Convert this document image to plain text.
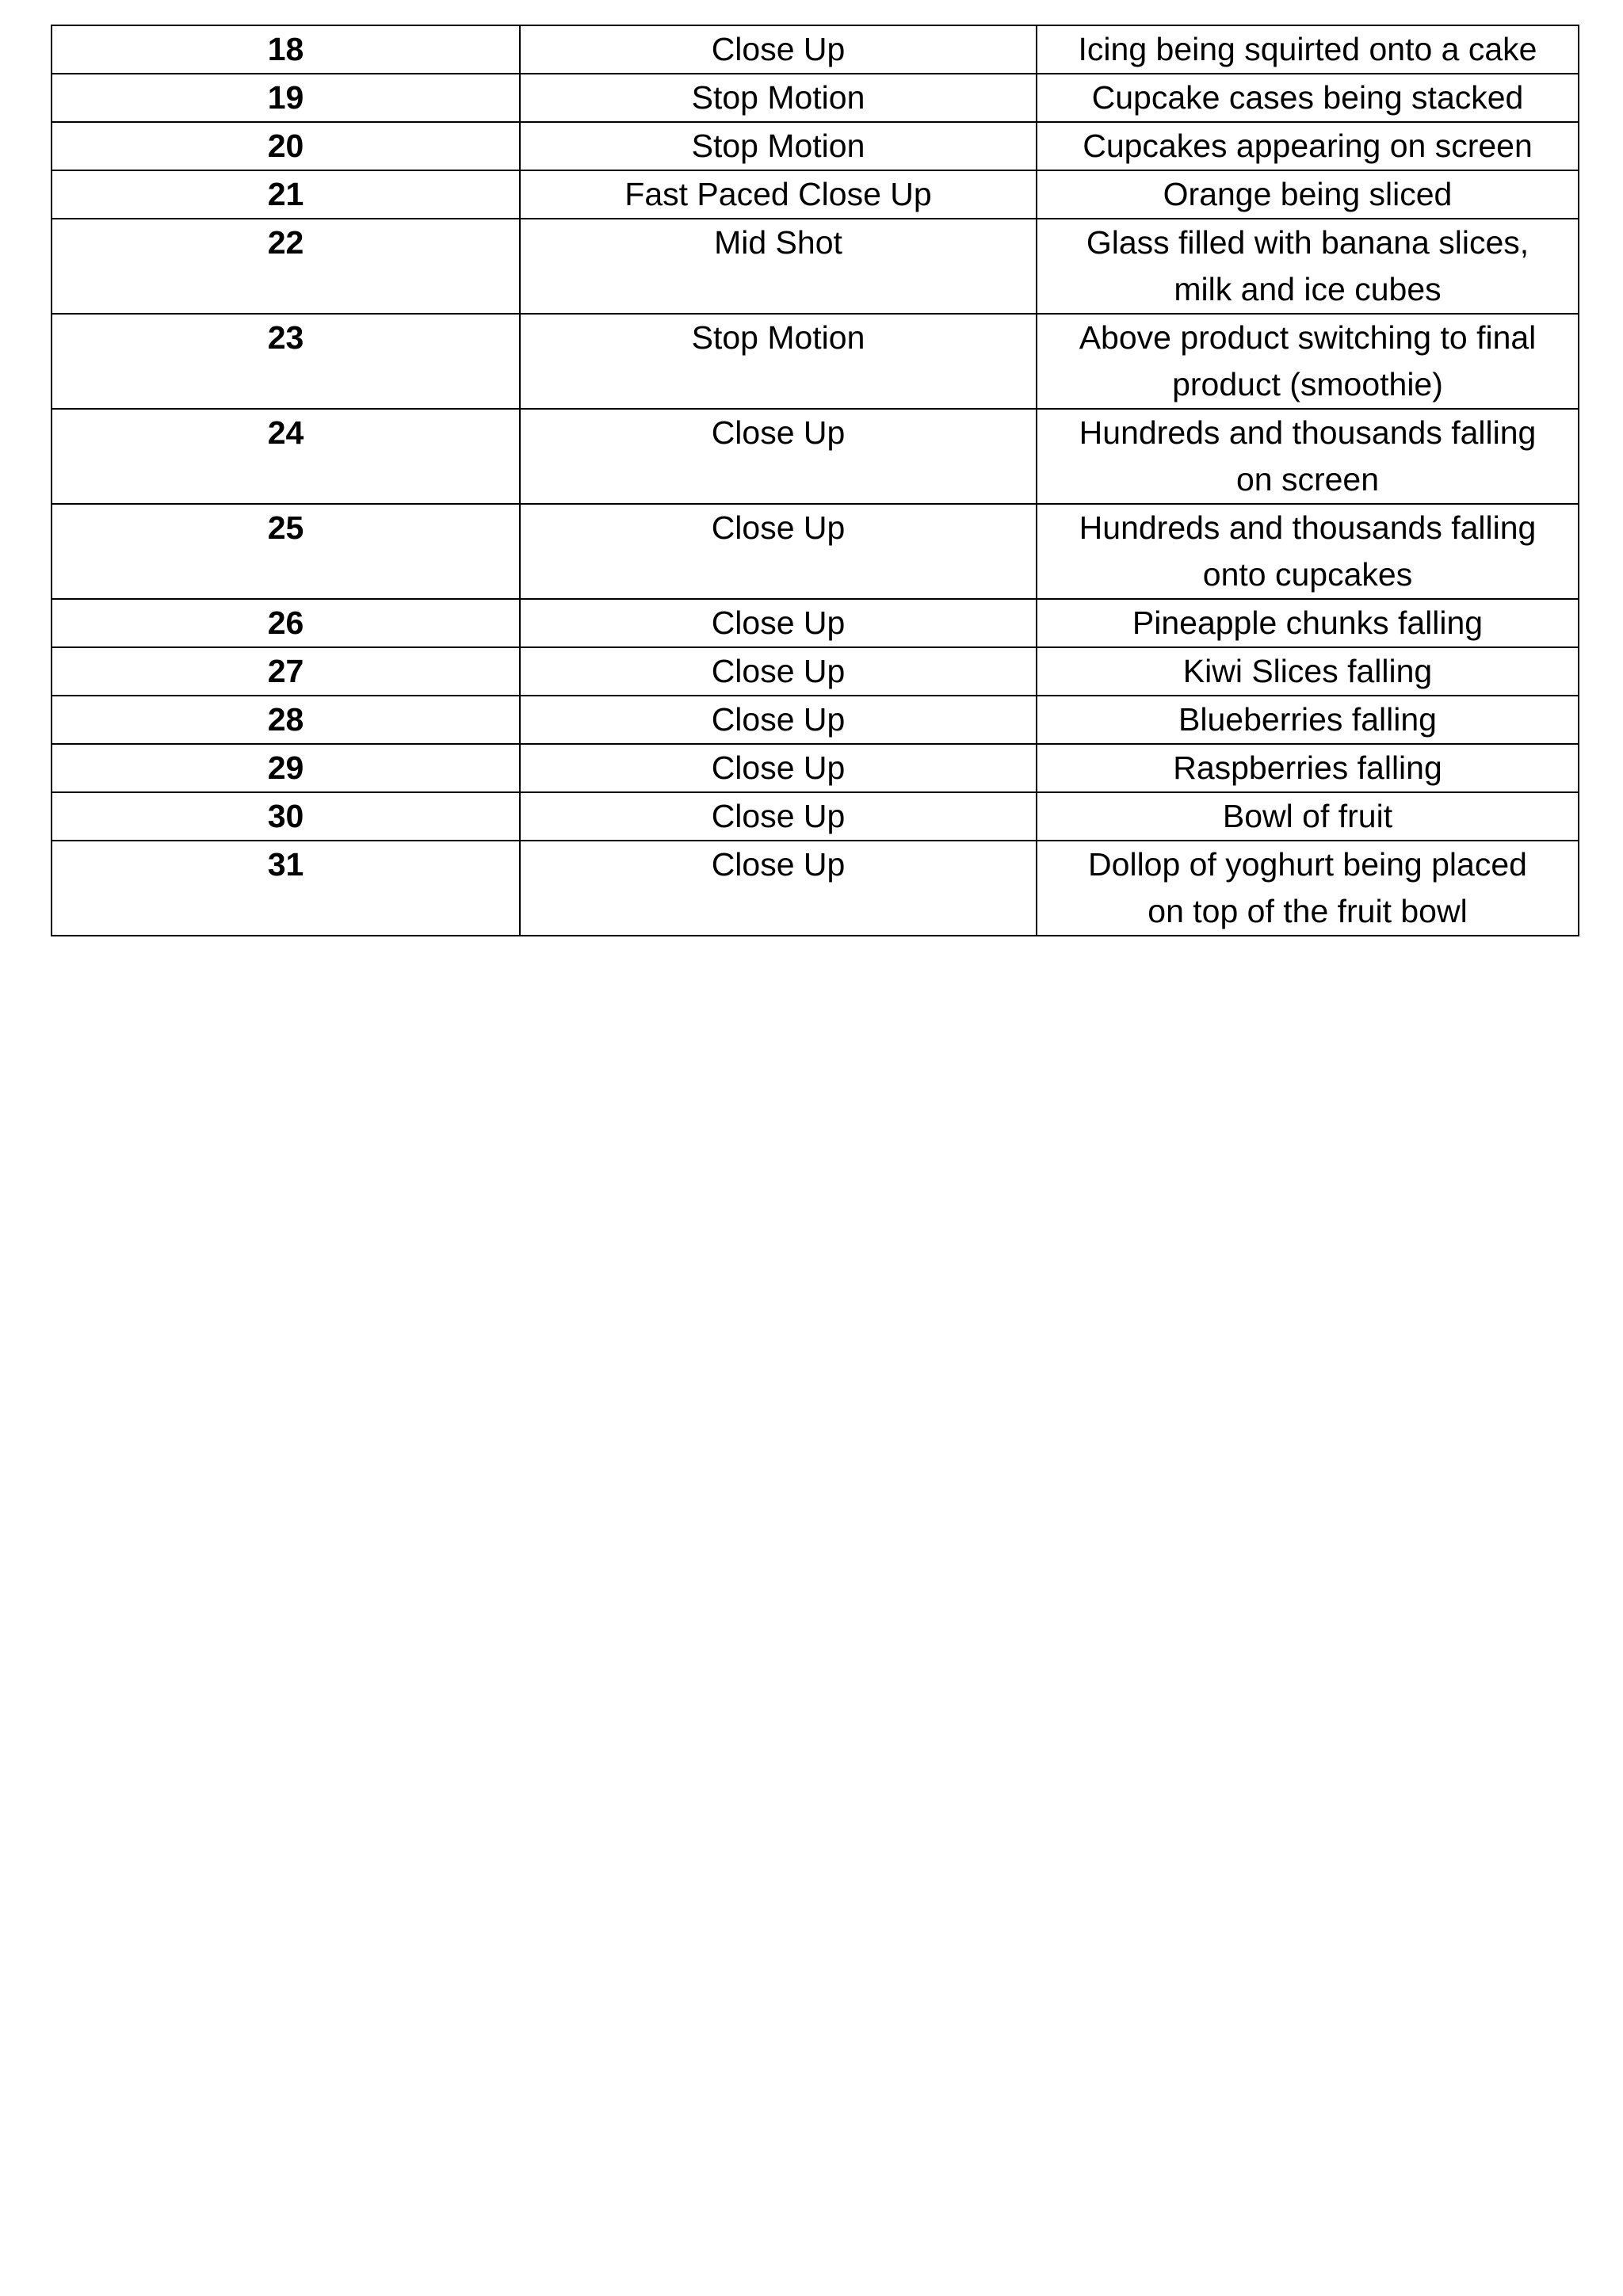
18	Close Up	Icing being squirted onto a cake

19	Stop Motion	Cupcake cases being stacked

20	Stop Motion	Cupcakes appearing on screen

21	Fast Paced Close Up	Orange being sliced

22	Mid Shot	Glass filled with banana slices,
milk and ice cubes

23	Stop Motion	Above product switching to final
product (smoothie)

24	Close Up	Hundreds and thousands falling
on screen

25	Close Up	Hundreds and thousands falling
onto cupcakes

26	Close Up	Pineapple chunks falling

27	Close Up	Kiwi Slices falling

28	Close Up	Blueberries falling

29	Close Up	Raspberries falling

30	Close Up	Bowl of fruit

31	Close Up	Dollop of yoghurt being placed
on top of the fruit bowl
